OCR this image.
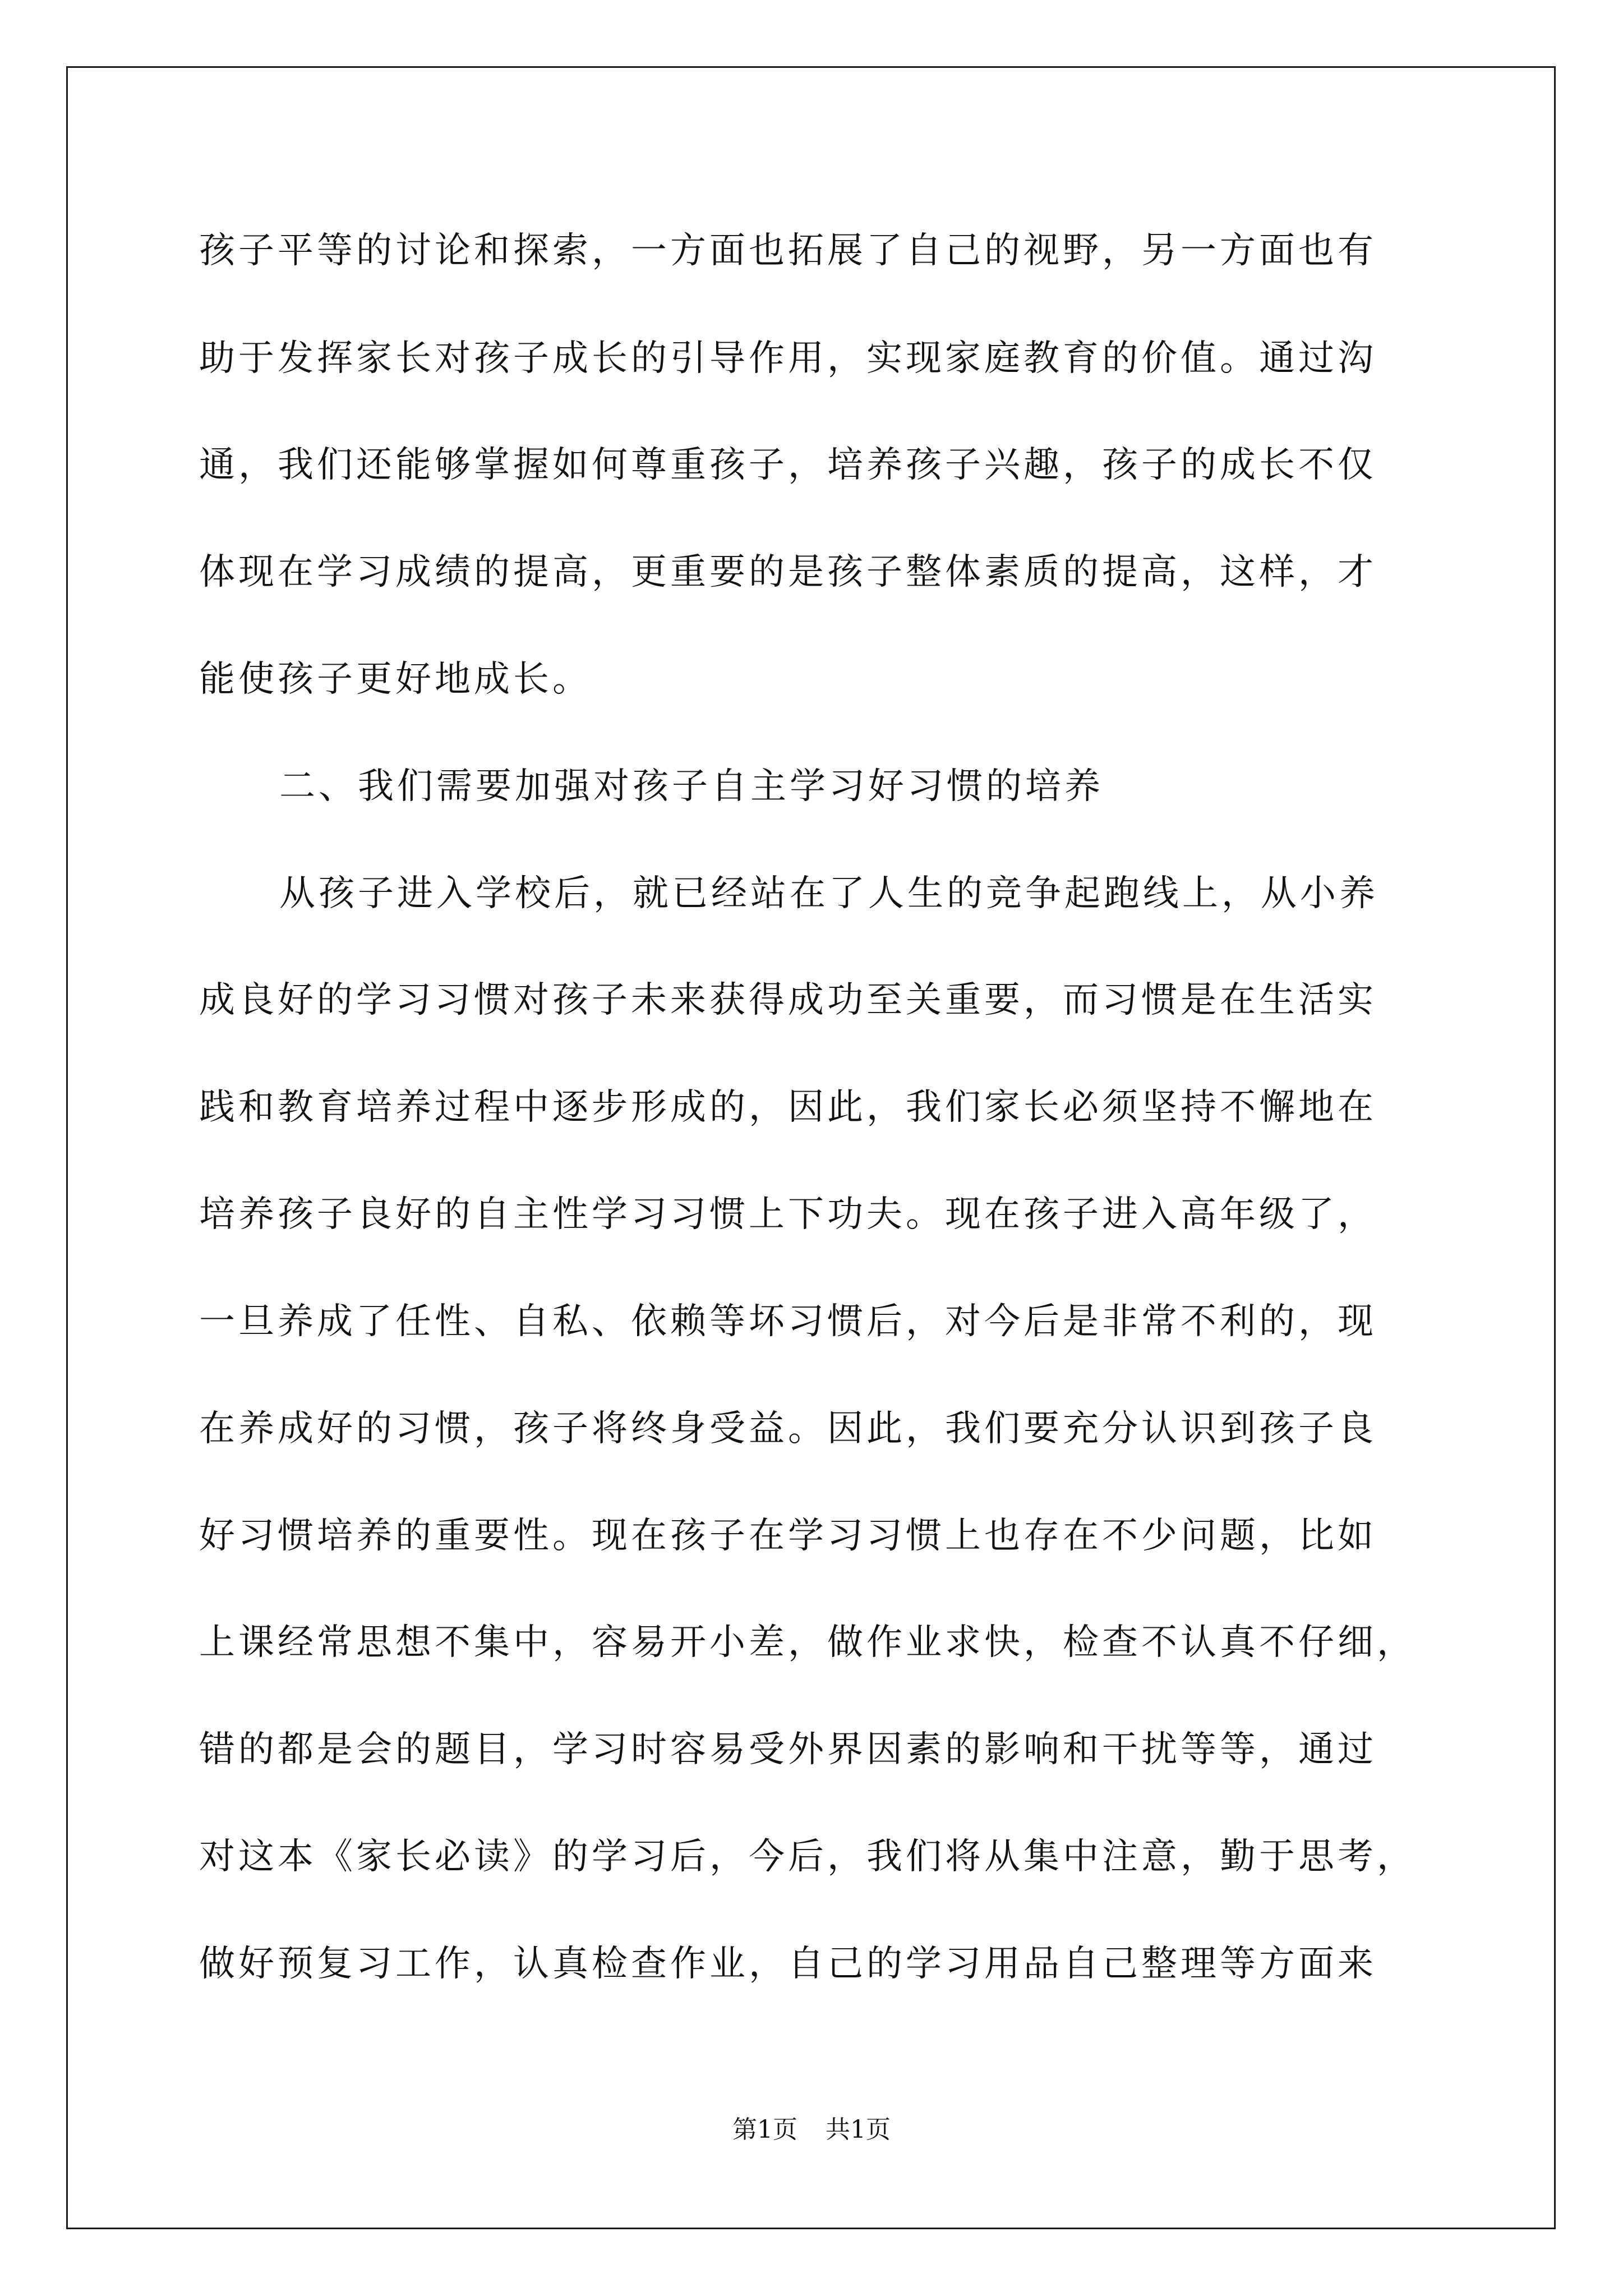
孩子平等的讨论和探索，一方面也拓展了自己的视野，另一方面也有
助于发挥家长对孩子成长的引导作用，实现家庭教育的价值。通过沟
通，我们还能够掌握如何尊重孩子，培养孩子兴趣，孩子的成长不仅
体现在学习成绩的提高，更重要的是孩子整体素质的提高，这样，才
能使孩子更好地成长。
二、我们需要加强对孩子自主学习好习惯的培养
从孩子进入学校后，就已经站在了人生的竞争起跑线上，从小养
成良好的学习习惯对孩子未来获得成功至关重要，而习惯是在生活实
践和教育培养过程中逐步形成的，因此，我们家长必须坚持不懈地在
培养孩子良好的自主性学习习惯上下功夫。现在孩子进入高年级了，
一旦养成了任性、自私、依赖等坏习惯后，对今后是非常不利的，现
在养成好的习惯，孩子将终身受益。因此，我们要充分认识到孩子良
好习惯培养的重要性。现在孩子在学习习惯上也存在不少问题，比如
上课经常思想不集中，容易开小差，做作业求快，检查不认真不仔细，
错的都是会的题目，学习时容易受外界因素的影响和干扰等等，通过
对这本《家长必读》的学习后，今后，我们将从集中注意，勤于思考，
做好预复习工作，认真检查作业，自己的学习用品自己整理等方面来
第1页 共1页
